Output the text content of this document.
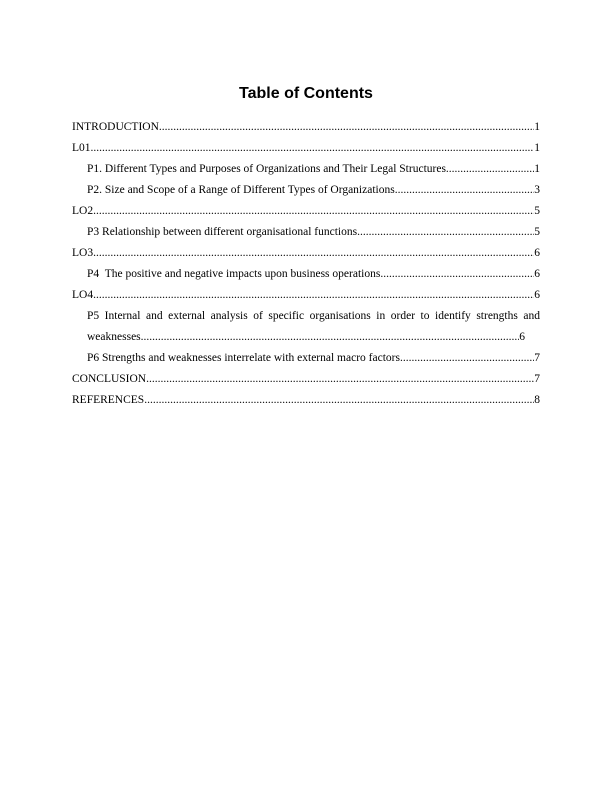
Table of Contents
INTRODUCTION .....	1
L01 .....	1
P1. Different Types and Purposes of Organizations and Their Legal Structures .....	1
P2. Size and Scope of a Range of Different Types of Organizations .....	3
LO2 .....	5
P3 Relationship between different organisational functions .....	5
LO3 .....	6
P4  The positive and negative impacts upon business operations .....	6
LO4 .....	6
P5 Internal and external analysis of specific organisations in order to identify strengths and
weaknesses .....	6
P6 Strengths and weaknesses interrelate with external macro factors .....	7
CONCLUSION .....	7
REFERENCES .....	8
